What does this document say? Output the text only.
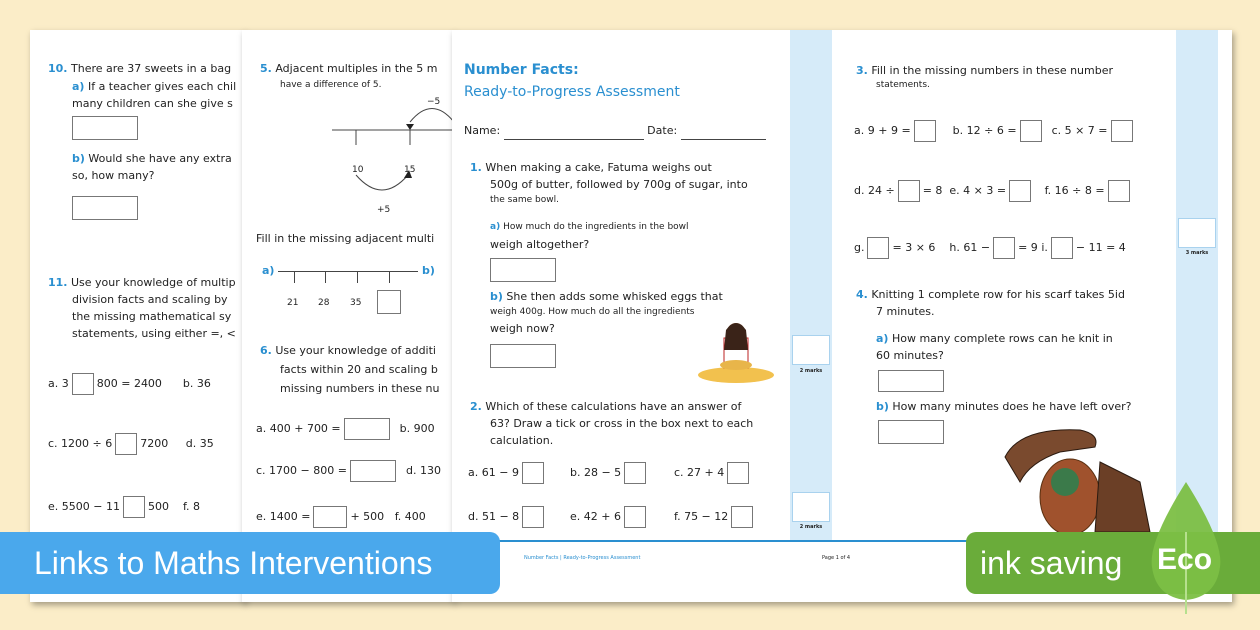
10. There are 37 sweets in a bag
a) If a teacher gives each chil
many children can she give s
b) Would she have any extra
so, how many?
11. Use your knowledge of multip
division facts and scaling by
the missing mathematical sy
statements, using either =, <
a. 3	800 = 2400 b. 36
c. 1200 ÷ 6	7200 d. 35
e. 5500 − 11	500 f. 8
5. Adjacent multiples in the 5 m
have a difference of 5.
−5
10	15
+5
Fill in the missing adjacent multi
a)
21 28 35
b)
6. Use your knowledge of additi
facts within 20 and scaling b
missing numbers in these nu
a. 400 + 700 =	b. 900
c. 1700 − 800 =	d. 130
e. 1400 =	+ 500 f. 400
Number Facts:
Ready-to-Progress Assessment
Name:	Date:
1. When making a cake, Fatuma weighs out
500g of butter, followed by 700g of sugar, into
the same bowl.
a) How much do the ingredients in the bowl
weigh altogether?
b) She then adds some whisked eggs that
weigh 400g. How much do all the ingredients
weigh now?
2. Which of these calculations have an answer of
63? Draw a tick or cross in the box next to each
calculation.
a. 61 − 9	b. 28 − 5	c. 27 + 4
d. 51 − 8	e. 42 + 6	f. 75 − 12
2 marks
2 marks
Number Facts | Ready-to-Progress Assessment	Page 1 of 4
3. Fill in the missing numbers in these number
statements.
a. 9 + 9 =	b. 12 ÷ 6 =	c. 5 × 7 =
d. 24 ÷	= 8 e. 4 × 3 =	f. 16 ÷ 8 =
g.	= 3 × 6 h. 61 −	= 9 i.	− 11 = 4	3 marks
4. Knitting 1 complete row for his scarf takes 5id
7 minutes.
a) How many complete rows can he knit in
60 minutes?
b) How many minutes does he have left over?
Links to Maths Interventions	ink saving Eco
